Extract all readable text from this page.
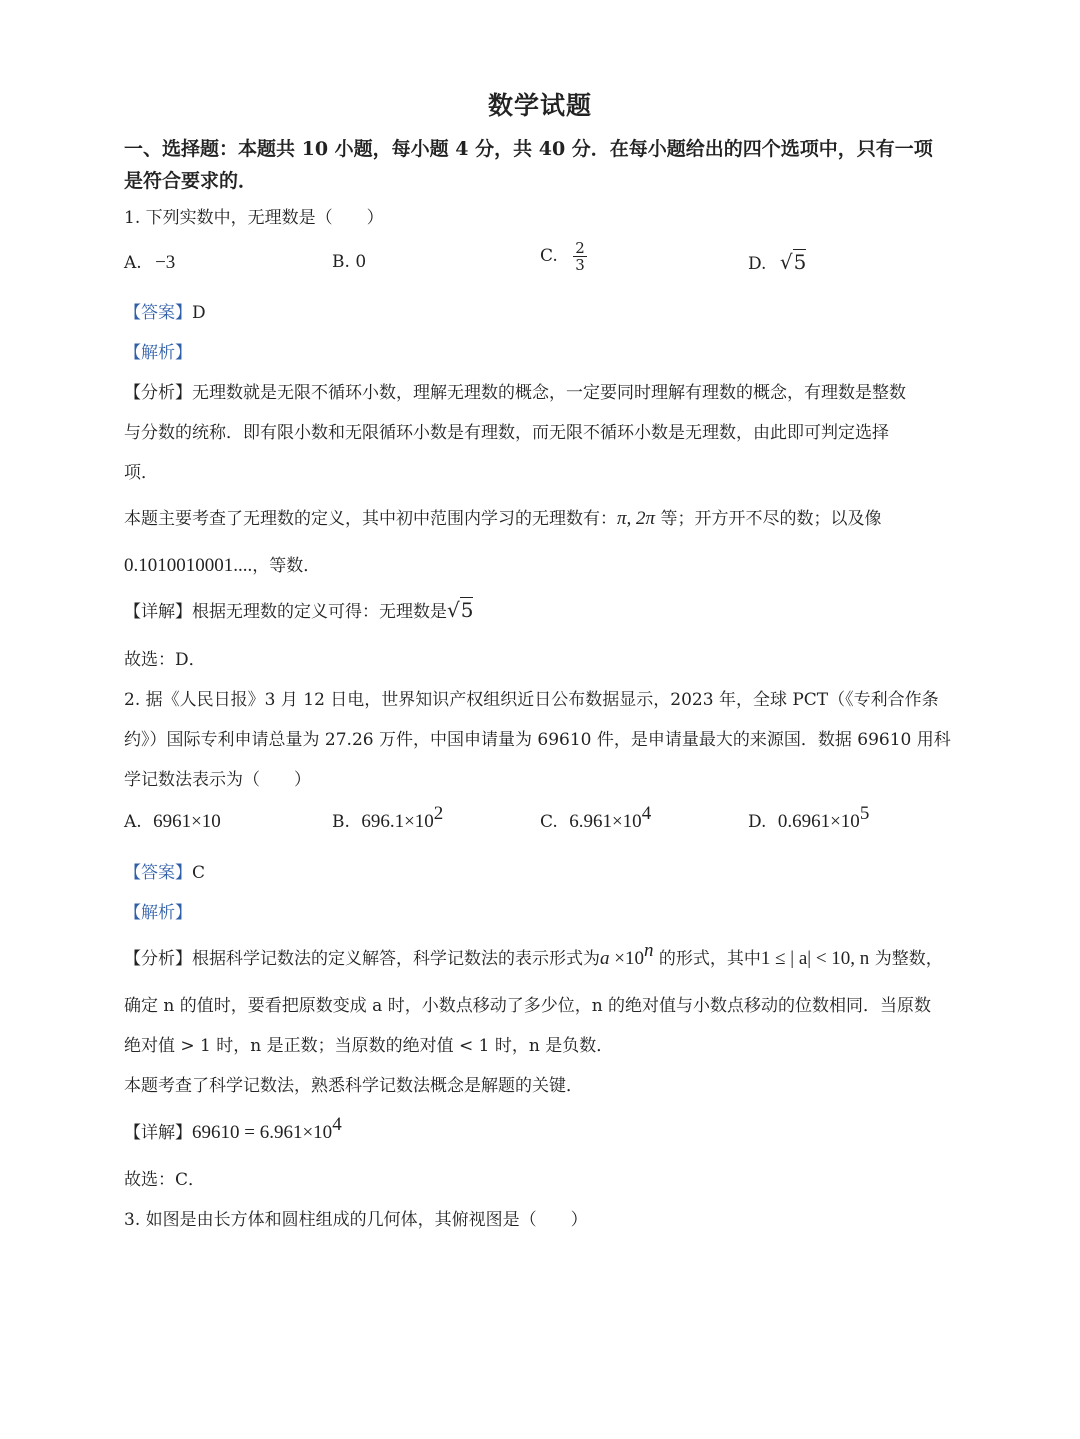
数学试题
一、选择题：本题共 10 小题，每小题 4 分，共 40 分．在每小题给出的四个选项中，只有一项
是符合要求的．
1. 下列实数中，无理数是（　　）
A. −3	B. 0	C. $\frac{2}{3}$	D. √5
【答案】D
【解析】
【分析】无理数就是无限不循环小数，理解无理数的概念，一定要同时理解有理数的概念，有理数是整数
与分数的统称．即有限小数和无限循环小数是有理数，而无限不循环小数是无理数，由此即可判定选择
项．
本题主要考查了无理数的定义，其中初中范围内学习的无理数有：π, 2π 等；开方开不尽的数；以及像
0.1010010001....，等数．
【详解】根据无理数的定义可得：无理数是√5
故选：D．
2. 据《人民日报》3 月 12 日电，世界知识产权组织近日公布数据显示，2023 年，全球 PCT（《专利合作条
约》）国际专利申请总量为 27.26 万件，中国申请量为 69610 件，是申请量最大的来源国．数据 69610 用科
学记数法表示为（　　）
A. 6961×10	B. $696.1\times 10^2$	C. $6.961\times 10^4$	D. $0.6961\times 10^5$
【答案】C
【解析】
【分析】根据科学记数法的定义解答，科学记数法的表示形式为$a \times 10^n$ 的形式，其中1 ≤ | a| < 10, n 为整数，
确定 n 的值时，要看把原数变成 a 时，小数点移动了多少位，n 的绝对值与小数点移动的位数相同．当原数
绝对值 > 1 时，n 是正数；当原数的绝对值 < 1 时，n 是负数．
本题考查了科学记数法，熟悉科学记数法概念是解题的关键．
【详解】$69610 = 6.961\times 10^4$
故选：C．
3. 如图是由长方体和圆柱组成的几何体，其俯视图是（　　）
